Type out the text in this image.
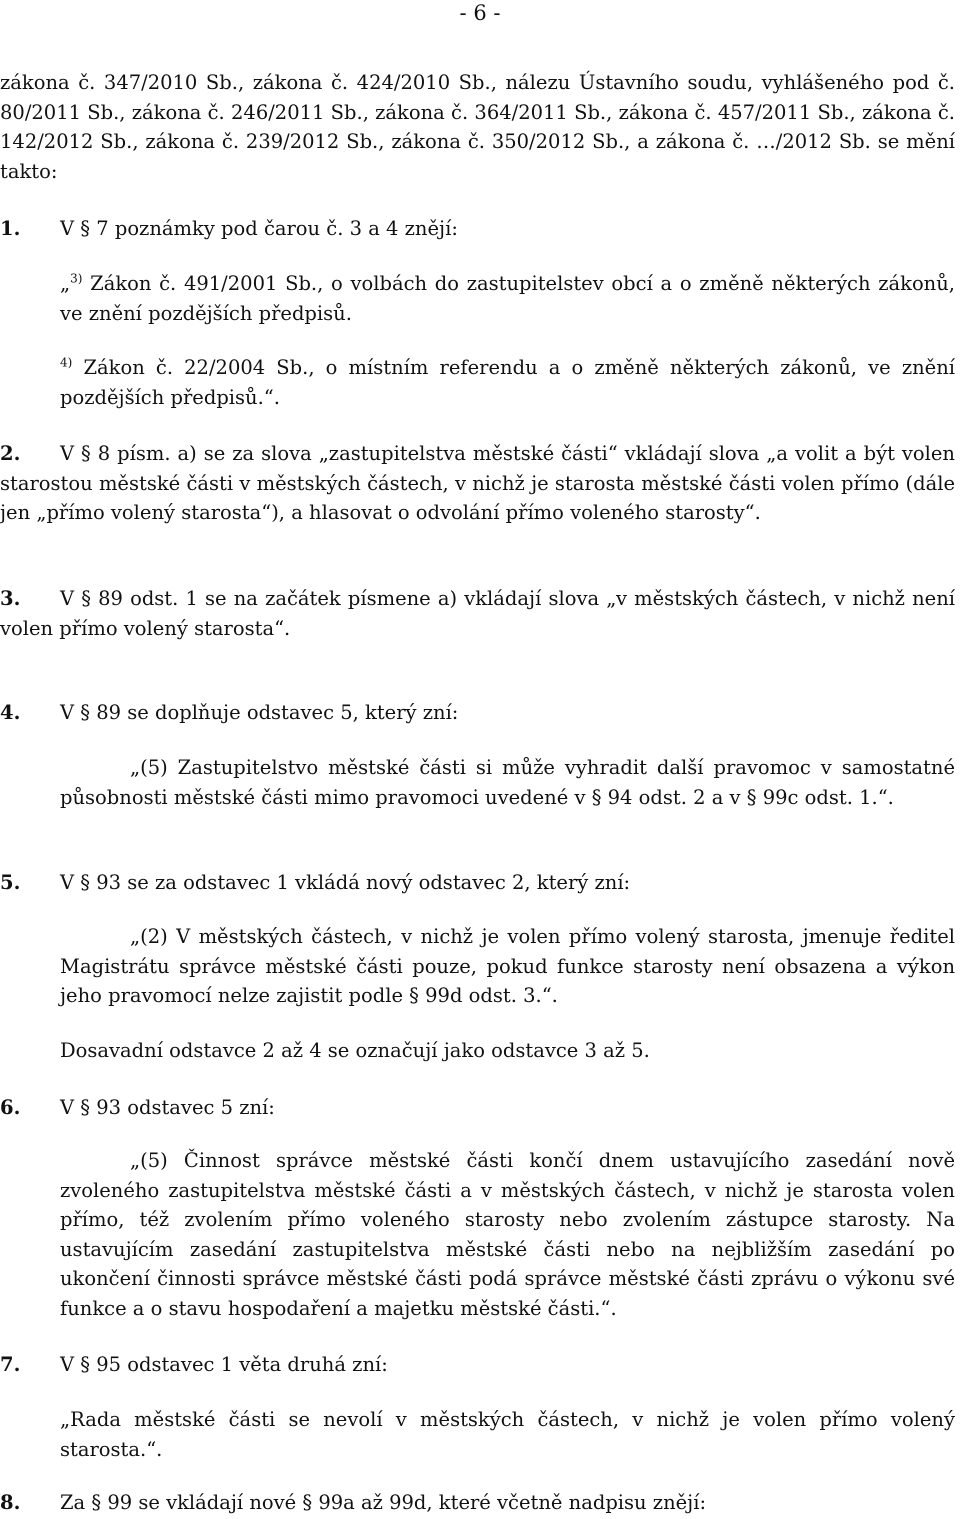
- 6 -

zákona č. 347/2010 Sb., zákona č. 424/2010 Sb., nálezu Ústavního soudu, vyhlášeného pod č. 80/2011 Sb., zákona č. 246/2011 Sb., zákona č. 364/2011 Sb., zákona č. 457/2011 Sb., zákona č. 142/2012 Sb., zákona č. 239/2012 Sb., zákona č. 350/2012 Sb., a zákona č. …/2012 Sb. se mění takto:

1. V § 7 poznámky pod čarou č. 3 a 4 znějí:

„$^{3)}$ Zákon č. 491/2001 Sb., o volbách do zastupitelstev obcí a o změně některých zákonů, ve znění pozdějších předpisů.

$^{4)}$ Zákon č. 22/2004 Sb., o místním referendu a o změně některých zákonů, ve znění pozdějších předpisů.“.

2. V § 8 písm. a) se za slova „zastupitelstva městské části“ vkládají slova „a volit a být volen starostou městské části v městských částech, v nichž je starosta městské části volen přímo (dále jen „přímo volený starosta“), a hlasovat o odvolání přímo voleného starosty“.

3. V § 89 odst. 1 se na začátek písmene a) vkládají slova „v městských částech, v nichž není volen přímo volený starosta“.

4. V § 89 se doplňuje odstavec 5, který zní:

„(5) Zastupitelstvo městské části si může vyhradit další pravomoc v samostatné působnosti městské části mimo pravomoci uvedené v § 94 odst. 2 a v § 99c odst. 1.“.

5. V § 93 se za odstavec 1 vkládá nový odstavec 2, který zní:

„(2) V městských částech, v nichž je volen přímo volený starosta, jmenuje ředitel Magistrátu správce městské části pouze, pokud funkce starosty není obsazena a výkon jeho pravomocí nelze zajistit podle § 99d odst. 3.“.

Dosavadní odstavce 2 až 4 se označují jako odstavce 3 až 5.

6. V § 93 odstavec 5 zní:

„(5) Činnost správce městské části končí dnem ustavujícího zasedání nově zvoleného zastupitelstva městské části a v městských částech, v nichž je starosta volen přímo, též zvolením přímo voleného starosty nebo zvolením zástupce starosty. Na ustavujícím zasedání zastupitelstva městské části nebo na nejbližším zasedání po ukončení činnosti správce městské části podá správce městské části zprávu o výkonu své funkce a o stavu hospodaření a majetku městské části.“.

7. V § 95 odstavec 1 věta druhá zní:

„Rada městské části se nevolí v městských částech, v nichž je volen přímo volený starosta.“.

8. Za § 99 se vkládají nové § 99a až 99d, které včetně nadpisu znějí:
